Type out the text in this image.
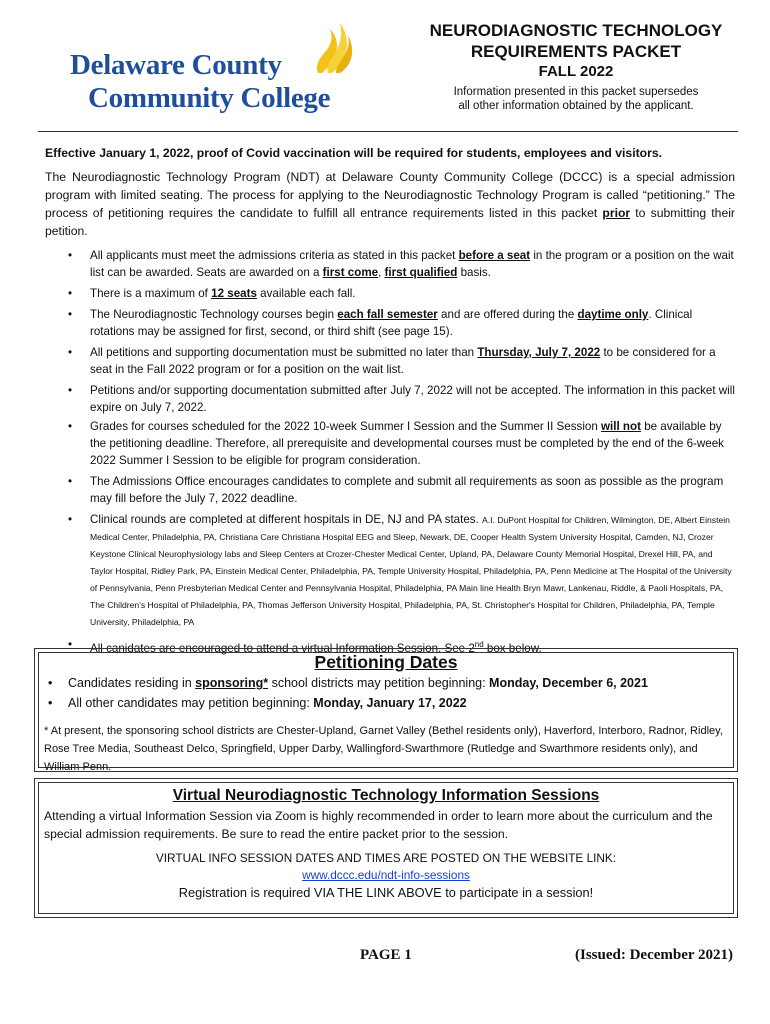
Delaware County
Community College
NEURODIAGNOSTIC TECHNOLOGY
REQUIREMENTS PACKET
FALL 2022
Information presented in this packet supersedes
all other information obtained by the applicant.
Effective January 1, 2022, proof of Covid vaccination will be required for students, employees and visitors.
The Neurodiagnostic Technology Program (NDT) at Delaware County Community College (DCCC) is a special admission program with limited seating. The process for applying to the Neurodiagnostic Technology Program is called “petitioning.” The process of petitioning requires the candidate to fulfill all entrance requirements listed in this packet prior to submitting their petition.
• All applicants must meet the admissions criteria as stated in this packet before a seat in the program or a position on the wait list can be awarded. Seats are awarded on a first come, first qualified basis.
• There is a maximum of 12 seats available each fall.
• The Neurodiagnostic Technology courses begin each fall semester and are offered during the daytime only. Clinical rotations may be assigned for first, second, or third shift (see page 15).
• All petitions and supporting documentation must be submitted no later than Thursday, July 7, 2022 to be considered for a seat in the Fall 2022 program or for a position on the wait list.
• Petitions and/or supporting documentation submitted after July 7, 2022 will not be accepted. The information in this packet will expire on July 7, 2022.
• Grades for courses scheduled for the 2022 10-week Summer I Session and the Summer II Session will not be available by the petitioning deadline. Therefore, all prerequisite and developmental courses must be completed by the end of the 6-week 2022 Summer I Session to be eligible for program consideration.
• The Admissions Office encourages candidates to complete and submit all requirements as soon as possible as the program may fill before the July 7, 2022 deadline.
• Clinical rounds are completed at different hospitals in DE, NJ and PA states. A.I. DuPont Hospital for Children, Wilmington, DE, Albert Einstein Medical Center, Philadelphia, PA, Christiana Care Christiana Hospital EEG and Sleep, Newark, DE, Cooper Health System University Hospital, Camden, NJ, Crozer Keystone Clinical Neurophysiology labs and Sleep Centers at Crozer-Chester Medical Center, Upland, PA, Delaware County Memorial Hospital, Drexel Hill, PA, and Taylor Hospital, Ridley Park, PA, Einstein Medical Center, Philadelphia, PA, Temple University Hospital, Philadelphia, PA, Penn Medicine at The Hospital of the University of Pennsylvania, Penn Presbyterian Medical Center and Pennsylvania Hospital, Philadelphia, PA Main line Health Bryn Mawr, Lankenau, Riddle, & Paoli Hospitals, PA, The Children's Hospital of Philadelphia, PA, Thomas Jefferson University Hospital, Philadelphia, PA, St. Christopher's Hospital for Children, Philadelphia, PA, Temple University, Philadelphia, PA
• All canidates are encouraged to attend a virtual Information Session. See 2nd box below.
Petitioning Dates
• Candidates residing in sponsoring* school districts may petition beginning: Monday, December 6, 2021
• All other candidates may petition beginning: Monday, January 17, 2022
* At present, the sponsoring school districts are Chester-Upland, Garnet Valley (Bethel residents only), Haverford, Interboro, Radnor, Ridley, Rose Tree Media, Southeast Delco, Springfield, Upper Darby, Wallingford-Swarthmore (Rutledge and Swarthmore residents only), and William Penn.
Virtual Neurodiagnostic Technology Information Sessions
Attending a virtual Information Session via Zoom is highly recommended in order to learn more about the curriculum and the special admission requirements. Be sure to read the entire packet prior to the session.
VIRTUAL INFO SESSION DATES AND TIMES ARE POSTED ON THE WEBSITE LINK:
www.dccc.edu/ndt-info-sessions
Registration is required VIA THE LINK ABOVE to participate in a session!
PAGE 1	(Issued: December 2021)
